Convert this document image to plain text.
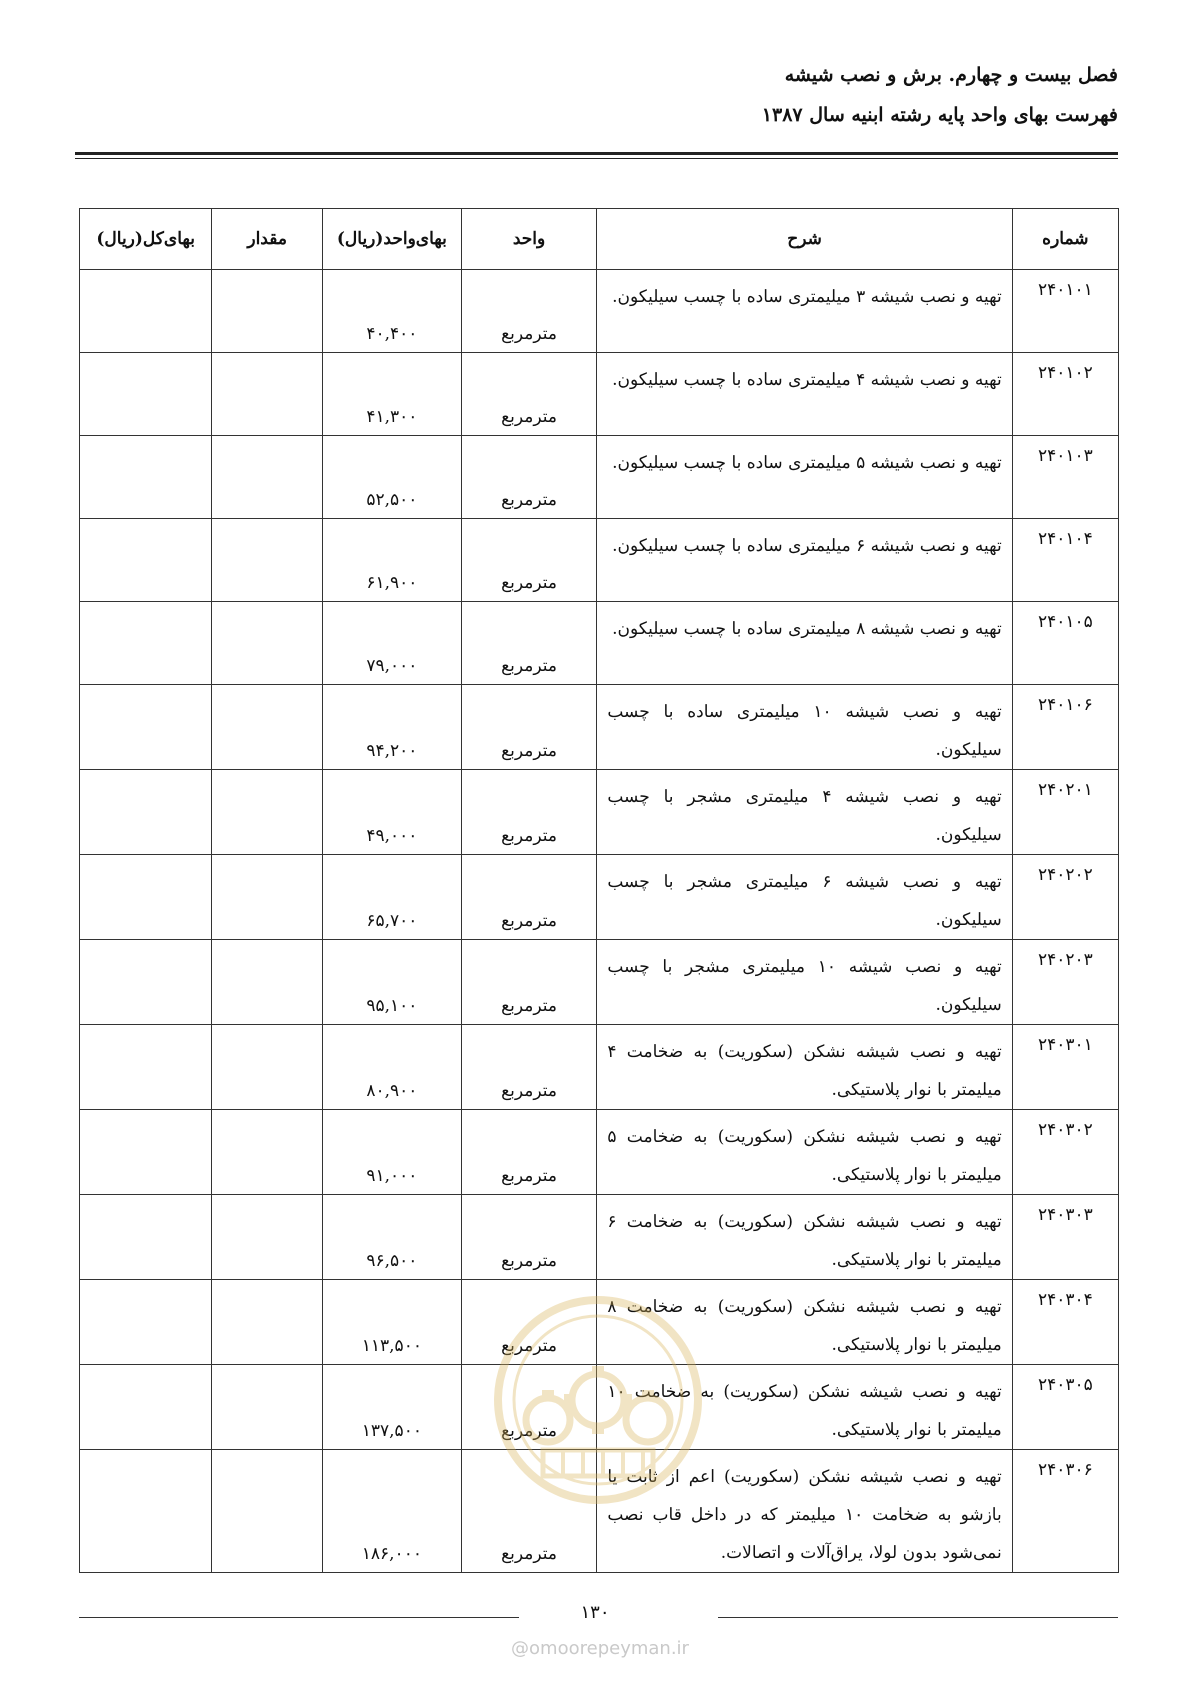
فصل بیست و چهارم. برش و نصب شیشه
فهرست بهای واحد پایه رشته ابنیه سال ۱۳۸۷
شماره	شرح	واحد	بهای‌واحد(ریال)	مقدار	بهای‌کل(ریال)
۲۴۰۱۰۱	تهیه و نصب شیشه ۳ میلیمتری ساده با چسب سیلیکون.	مترمربع	۴۰,۴۰۰		
۲۴۰۱۰۲	تهیه و نصب شیشه ۴ میلیمتری ساده با چسب سیلیکون.	مترمربع	۴۱,۳۰۰		
۲۴۰۱۰۳	تهیه و نصب شیشه ۵ میلیمتری ساده با چسب سیلیکون.	مترمربع	۵۲,۵۰۰		
۲۴۰۱۰۴	تهیه و نصب شیشه ۶ میلیمتری ساده با چسب سیلیکون.	مترمربع	۶۱,۹۰۰		
۲۴۰۱۰۵	تهیه و نصب شیشه ۸ میلیمتری ساده با چسب سیلیکون.	مترمربع	۷۹,۰۰۰		
۲۴۰۱۰۶	تهیه و نصب شیشه ۱۰ میلیمتری ساده با چسب سیلیکون.	مترمربع	۹۴,۲۰۰		
۲۴۰۲۰۱	تهیه و نصب شیشه ۴ میلیمتری مشجر با چسب سیلیکون.	مترمربع	۴۹,۰۰۰		
۲۴۰۲۰۲	تهیه و نصب شیشه ۶ میلیمتری مشجر با چسب سیلیکون.	مترمربع	۶۵,۷۰۰		
۲۴۰۲۰۳	تهیه و نصب شیشه ۱۰ میلیمتری مشجر با چسب سیلیکون.	مترمربع	۹۵,۱۰۰		
۲۴۰۳۰۱	تهیه و نصب شیشه نشکن (سکوریت) به ضخامت ۴ میلیمتر با نوار پلاستیکی.	مترمربع	۸۰,۹۰۰		
۲۴۰۳۰۲	تهیه و نصب شیشه نشکن (سکوریت) به ضخامت ۵ میلیمتر با نوار پلاستیکی.	مترمربع	۹۱,۰۰۰		
۲۴۰۳۰۳	تهیه و نصب شیشه نشکن (سکوریت) به ضخامت ۶ میلیمتر با نوار پلاستیکی.	مترمربع	۹۶,۵۰۰		
۲۴۰۳۰۴	تهیه و نصب شیشه نشکن (سکوریت) به ضخامت ۸ میلیمتر با نوار پلاستیکی.	مترمربع	۱۱۳,۵۰۰		
۲۴۰۳۰۵	تهیه و نصب شیشه نشکن (سکوریت) به ضخامت ۱۰ میلیمتر با نوار پلاستیکی.	مترمربع	۱۳۷,۵۰۰		
۲۴۰۳۰۶	تهیه و نصب شیشه نشکن (سکوریت) اعم از ثابت یا بازشو به ضخامت ۱۰ میلیمتر که در داخل قاب نصب نمی‌شود بدون لولا، یراق‌آلات و اتصالات.	مترمربع	۱۸۶,۰۰۰		
۱۳۰
@omoorepeyman.ir
